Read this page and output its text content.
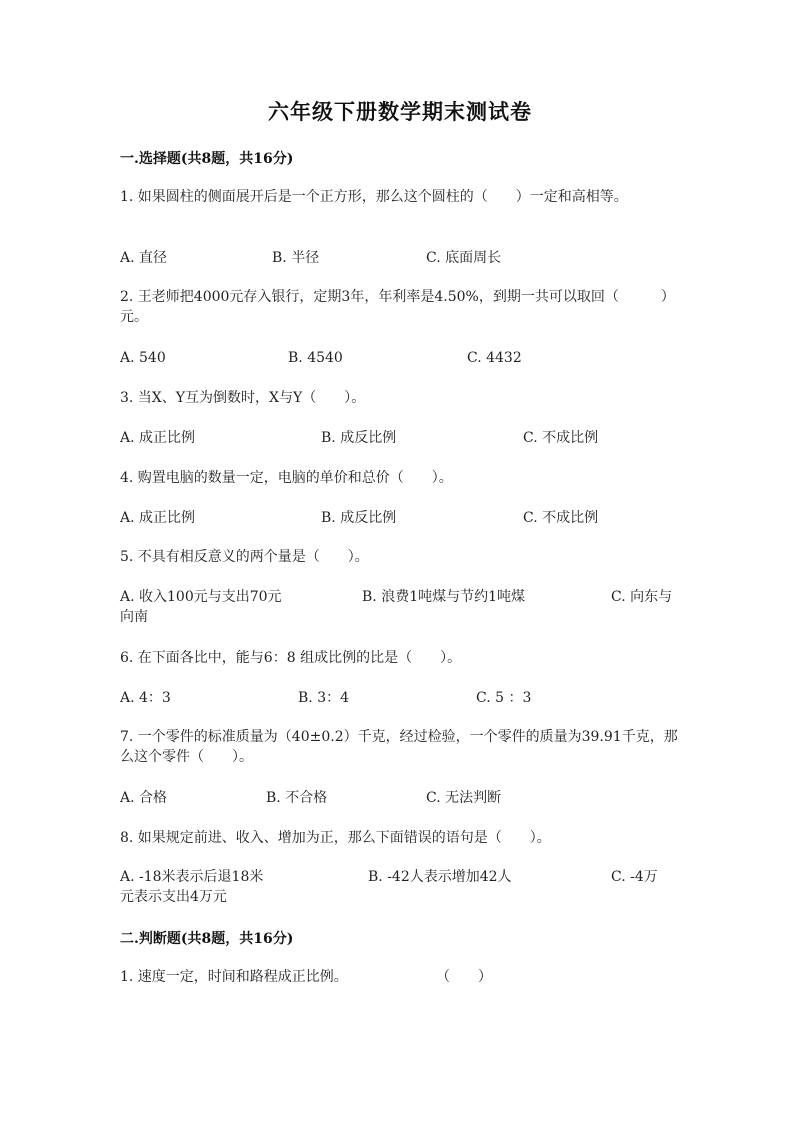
六年级下册数学期末测试卷
一.选择题(共8题，共16分)
1. 如果圆柱的侧面展开后是一个正方形，那么这个圆柱的（　　）一定和高相等。
A. 直径	B. 半径	C. 底面周长
2. 王老师把4000元存入银行，定期3年，年利率是4.50%，到期一共可以取回（　　　）元。
A. 540	B. 4540	C. 4432
3. 当X、Y互为倒数时，X与Y（　　）。
A. 成正比例	B. 成反比例	C. 不成比例
4. 购置电脑的数量一定，电脑的单价和总价（　　）。
A. 成正比例	B. 成反比例	C. 不成比例
5. 不具有相反意义的两个量是（　　）。
A. 收入100元与支出70元	B. 浪费1吨煤与节约1吨煤	C. 向东与
向南
6. 在下面各比中，能与6：8 组成比例的比是（　　）。
A. 4：3	B. 3：4	C. 5 ：3
7. 一个零件的标准质量为（40±0.2）千克，经过检验，一个零件的质量为39.91千克，那么这个零件（　　）。
A. 合格	B. 不合格	C. 无法判断
8. 如果规定前进、收入、增加为正，那么下面错误的语句是（　　）。
A. -18米表示后退18米	B. -42人表示增加42人	C. -4万
元表示支出4万元
二.判断题(共8题，共16分)
1. 速度一定，时间和路程成正比例。	（　　）
